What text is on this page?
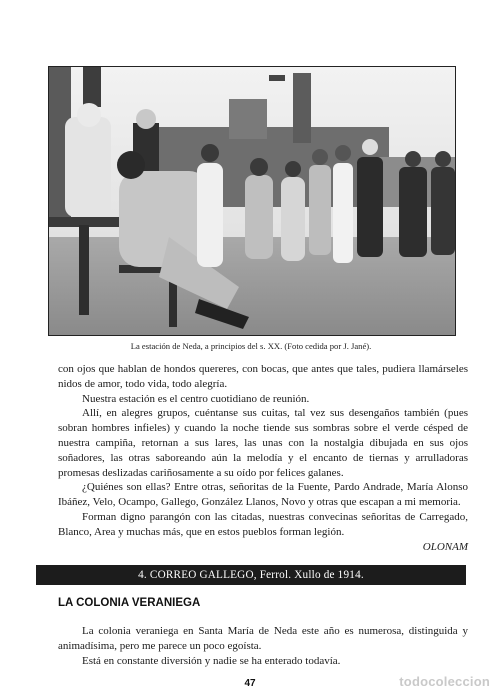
La estación de Neda, a principios del s. XX. (Foto cedida por J. Jané).

con ojos que hablan de hondos quereres, con bocas, que antes que tales, pudiera llamárseles nidos de amor, todo vida, todo alegría.

Nuestra estación es el centro cuotidiano de reunión.

Allí, en alegres grupos, cuéntanse sus cuitas, tal vez sus desengaños también (pues sobran hombres infieles) y cuando la noche tiende sus sombras sobre el verde césped de nuestra campiña, retornan a sus lares, las unas con la nostalgia dibujada en sus ojos soñadores, las otras saboreando aún la melodía y el encanto de tiernas y arrulladoras promesas deslizadas cariñosamente a su oído por felices galanes.

¿Quiénes son ellas? Entre otras, señoritas de la Fuente, Pardo Andrade, María Alonso Ibáñez, Velo, Ocampo, Gallego, González Llanos, Novo y otras que escapan a mi memoria.

Forman digno parangón con las citadas, nuestras convecinas señoritas de Carregado, Blanco, Area y muchas más, que en estos pueblos forman legión.

OLONAM

4. CORREO GALLEGO, Ferrol. Xullo de 1914.
LA COLONIA VERANIEGA

La colonia veraniega en Santa María de Neda este año es numerosa, distinguida y animadísima, pero me parece un poco egoísta.

Está en constante diversión y nadie se ha enterado todavía.

47	todocoleccion
